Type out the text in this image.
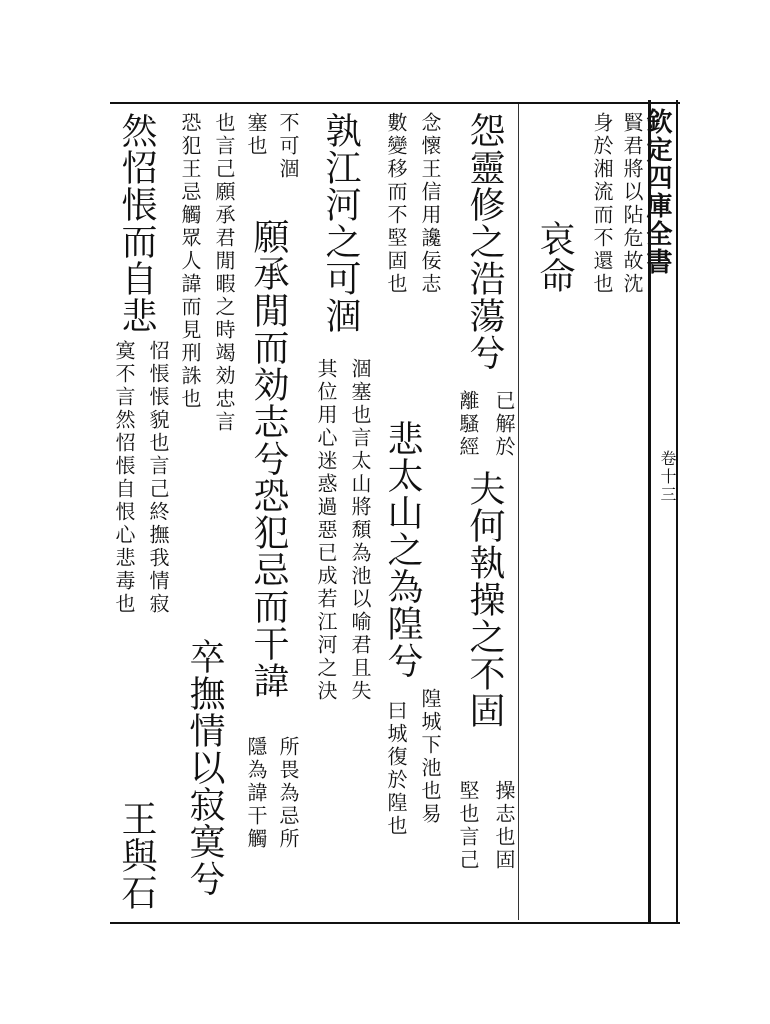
欽定四庫全書
卷十三
賢君將以阽危故沈
身於湘流而不還也
哀命
怨靈修之浩蕩兮
已解於
夫何執操之不固
操志也固
離騷經
堅也言己
念懷王信用讒佞志
隍城下池也易
數變移而不堅固也
悲太山之為隍兮
曰城復於隍也
孰江河之可涸
涸塞也言太山將頹為池以喻君且失
其位用心迷惑過惡已成若江河之決
不可涸
願承閒而効志兮恐犯忌而干諱
所畏為忌所
塞也
隱為諱干觸
也言己願承君閒暇之時竭効忠言
卒撫情以寂寞兮
恐犯王忌觸眾人諱而見刑誅也
然怊悵而自悲
怊悵悵貌也言己終撫我情寂
王與石
寞不言然怊悵自恨心悲毒也
